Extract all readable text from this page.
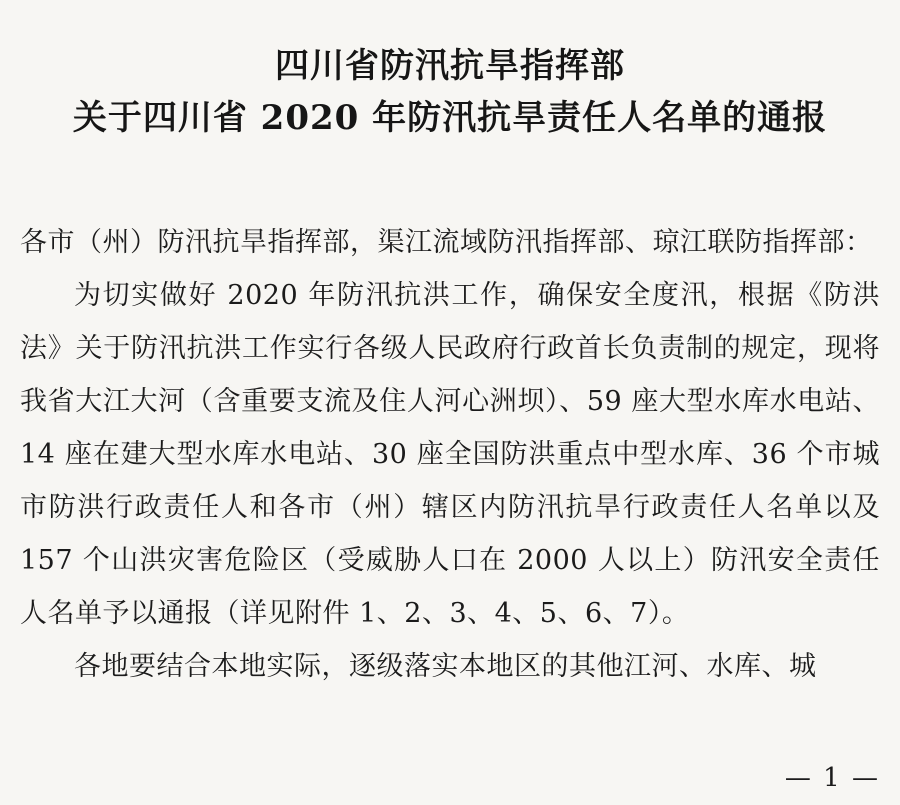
四川省防汛抗旱指挥部
关于四川省 2020 年防汛抗旱责任人名单的通报

各市（州）防汛抗旱指挥部，渠江流域防汛指挥部、琼江联防指挥部：

为切实做好 2020 年防汛抗洪工作，确保安全度汛，根据《防洪法》关于防汛抗洪工作实行各级人民政府行政首长负责制的规定，现将我省大江大河（含重要支流及住人河心洲坝）、59 座大型水库水电站、14 座在建大型水库水电站、30 座全国防洪重点中型水库、36 个市城市防洪行政责任人和各市（州）辖区内防汛抗旱行政责任人名单以及 157 个山洪灾害危险区（受威胁人口在 2000 人以上）防汛安全责任人名单予以通报（详见附件 1、2、3、4、5、6、7）。

各地要结合本地实际，逐级落实本地区的其他江河、水库、城

— 1 —
